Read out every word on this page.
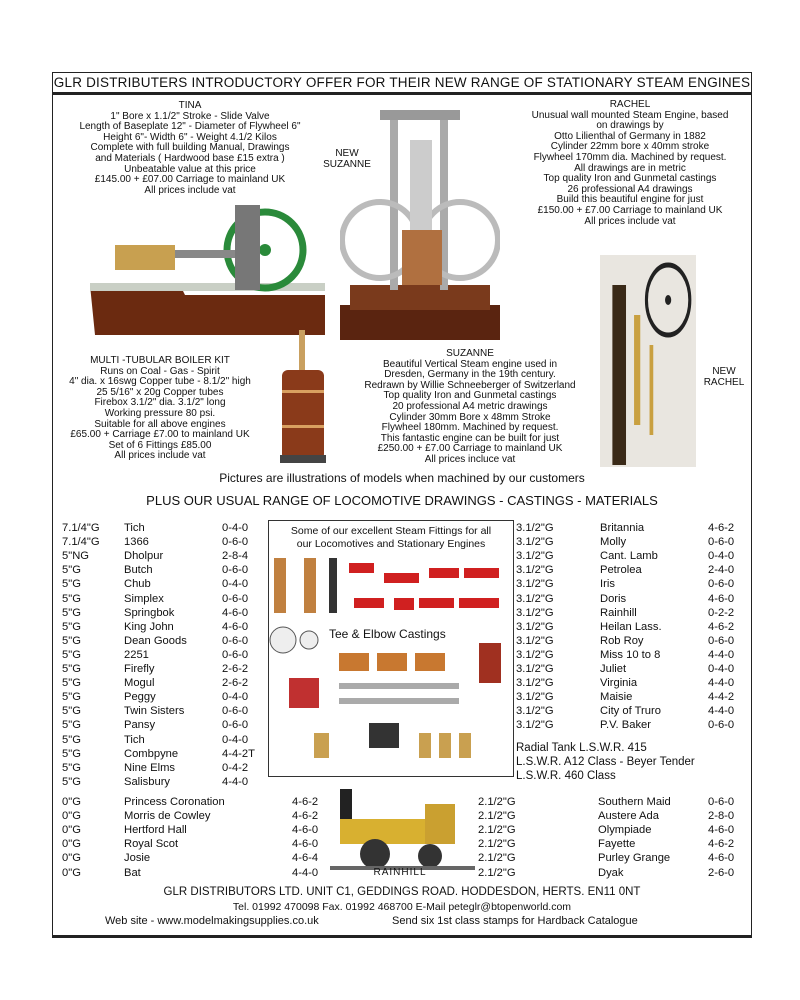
GLR DISTRIBUTERS INTRODUCTORY OFFER FOR THEIR NEW RANGE OF STATIONARY STEAM ENGINES
TINA
1" Bore x 1.1/2" Stroke - Slide Valve
Length of Baseplate 12" - Diameter of Flywheel 6"
Height 6"- Width 6" - Weight 4.1/2 Kilos
Complete with full building Manual, Drawings
and Materials ( Hardwood base £15 extra )
Unbeatable value at this price
£145.00 + £07.00 Carriage to mainland UK
All prices include vat
NEW
SUZANNE
RACHEL
Unusual wall mounted Steam Engine, based
on drawings by
Otto Lilienthal of Germany in 1882
Cylinder 22mm bore x 40mm stroke
Flywheel 170mm dia. Machined by request.
All drawings are in metric
Top quality Iron and Gunmetal castings
26 professional A4 drawings
Build this beautiful engine for just
£150.00 + £7.00 Carriage to mainland UK
All prices include vat
MULTI -TUBULAR BOILER KIT
Runs on Coal - Gas - Spirit
4" dia. x 16swg Copper tube - 8.1/2" high
25 5/16" x 20g Copper tubes
Firebox 3.1/2" dia. 3.1/2" long
Working pressure 80 psi.
Suitable for all above engines
£65.00 + Carriage £7.00 to mainland UK
Set of 6 Fittings £85.00
All prices include vat
SUZANNE
Beautiful Vertical Steam engine used in
Dresden, Germany in the 19th century.
Redrawn by Willie Schneeberger of Switzerland
Top quality Iron and Gunmetal castings
20 professional A4 metric drawings
Cylinder 30mm Bore x 48mm Stroke
Flywheel 180mm. Machined by request.
This fantastic engine can be built for just
£250.00 + £7.00 Carriage to mainland UK
All prices incluce vat
NEW
RACHEL
Pictures are illustrations of models when machined by our customers
PLUS OUR USUAL RANGE OF LOCOMOTIVE DRAWINGS - CASTINGS - MATERIALS
7.1/4"G Tich	0-4-0
7.1/4"G 1366	0-6-0
5"NG	Dholpur	2-8-4
5"G	Butch	0-6-0
5"G	Chub	0-4-0
5"G	Simplex	0-6-0
5"G	Springbok	4-6-0
5"G	King John	4-6-0
5"G	Dean Goods	0-6-0
5"G	2251	0-6-0
5"G	Firefly	2-6-2
5"G	Mogul	2-6-2
5"G	Peggy	0-4-0
5"G	Twin Sisters	0-6-0
5"G	Pansy	0-6-0
5"G	Tich	0-4-0
5"G	Combpyne	4-4-2T
5"G	Nine Elms	0-4-2
5"G	Salisbury	4-4-0
Some of our excellent Steam Fittings for all
our Locomotives and Stationary Engines
Tee & Elbow Castings
3.1/2"G	Britannia	4-6-2
3.1/2"G	Molly	0-6-0
3.1/2"G	Cant. Lamb	0-4-0
3.1/2"G	Petrolea	2-4-0
3.1/2"G	Iris	0-6-0
3.1/2"G	Doris	4-6-0
3.1/2"G	Rainhill	0-2-2
3.1/2"G	Heilan Lass.	4-6-2
3.1/2"G	Rob Roy	0-6-0
3.1/2"G	Miss 10 to 8	4-4-0
3.1/2"G	Juliet	0-4-0
3.1/2"G	Virginia	4-4-0
3.1/2"G	Maisie	4-4-2
3.1/2"G	City of Truro	4-4-0
3.1/2"G	P.V. Baker	0-6-0
Radial Tank L.S.W.R. 415
L.S.W.R. A12 Class - Beyer Tender
L.S.W.R. 460 Class
0"G	Princess Coronation	4-6-2
0"G	Morris de Cowley	4-6-2
0"G	Hertford Hall	4-6-0
0"G	Royal Scot	4-6-0
0"G	Josie	4-6-4
0"G	Bat	4-4-0
2.1/2"G	Southern Maid	0-6-0
2.1/2"G	Austere Ada	2-8-0
2.1/2"G	Olympiade	4-6-0
2.1/2"G	Fayette	4-6-2
2.1/2"G	Purley Grange	4-6-0
2.1/2"G	Dyak	2-6-0
RAINHILL
GLR DISTRIBUTORS LTD. UNIT C1, GEDDINGS ROAD. HODDESDON, HERTS. EN11 0NT
Tel. 01992 470098 Fax. 01992 468700 E-Mail peteglr@btopenworld.com
Web site - www.modelmakingsupplies.co.uk	Send six 1st class stamps for Hardback Catalogue
